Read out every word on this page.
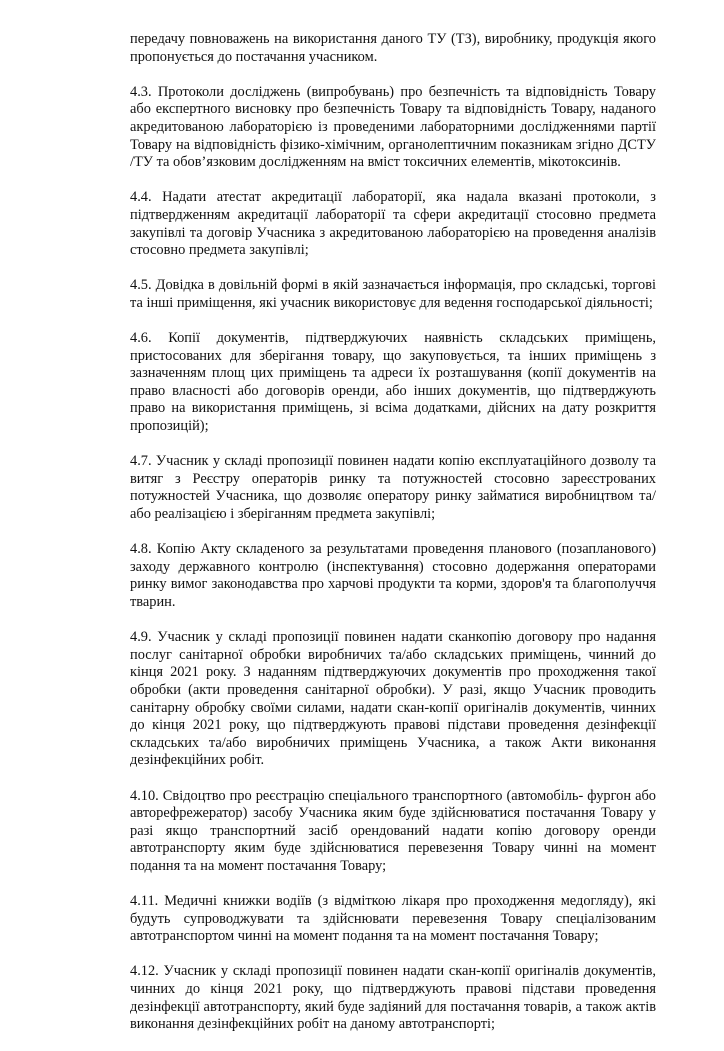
передачу повноважень на використання даного ТУ (ТЗ), виробнику, продукція якого пропонується до постачання учасником.

4.3. Протоколи досліджень (випробувань) про безпечність та відповідність Товару або експертного висновку про безпечність Товару та відповідність Товару, наданого акредитованою лабораторією із проведеними лабораторними дослідженнями партії Товару на відповідність фізико-хімічним, органолептичним показникам згідно ДСТУ /ТУ та обов’язковим дослідженням на вміст токсичних елементів, мікотоксинів.

4.4. Надати атестат акредитації лабораторії, яка надала вказані протоколи, з підтвердженням акредитації лабораторії та сфери акредитації стосовно предмета закупівлі та договір Учасника з акредитованою лабораторією на проведення аналізів стосовно предмета закупівлі;

4.5. Довідка в довільній формі в якій зазначається інформація, про складські, торгові та інші приміщення, які учасник використовує для ведення господарської діяльності;

4.6. Копії документів, підтверджуючих наявність складських приміщень, пристосованих для зберігання товару, що закуповується, та інших приміщень з зазначенням площ цих приміщень та адреси їх розташування (копії документів на право власності або договорів оренди, або інших документів, що підтверджують право на використання приміщень, зі всіма додатками, дійсних на дату розкриття пропозицій);

4.7. Учасник у складі пропозиції повинен надати копію експлуатаційного дозволу та витяг з Реєстру операторів ринку та потужностей стосовно зареєстрованих потужностей Учасника, що дозволяє оператору ринку займатися виробництвом та/або реалізацією і зберіганням предмета закупівлі;

4.8. Копію Акту складеного за результатами проведення планового (позапланового) заходу державного контролю (інспектування) стосовно додержання операторами ринку вимог законодавства про харчові продукти та корми, здоров'я та благополуччя тварин.

4.9. Учасник у складі пропозиції повинен надати сканкопію договору про надання послуг санітарної обробки виробничих та/або складських приміщень, чинний до кінця 2021 року. З наданням підтверджуючих документів про проходження такої обробки (акти проведення санітарної обробки). У разі, якщо Учасник проводить санітарну обробку своїми силами, надати скан-копії оригіналів документів, чинних до кінця 2021 року, що підтверджують правові підстави проведення дезінфекції складських та/або виробничих приміщень Учасника, а також Акти виконання дезінфекційних робіт.

4.10. Свідоцтво про реєстрацію спеціального транспортного (автомобіль- фургон або авторефрежератор) засобу Учасника яким буде здійснюватися постачання Товару у разі якщо транспортний засіб орендований надати копію договору оренди автотранспорту яким буде здійснюватися перевезення Товару чинні на момент подання та на момент постачання Товару;

4.11. Медичні книжки водіїв (з відміткою лікаря про проходження медогляду), які будуть супроводжувати та здійснювати перевезення Товару спеціалізованим автотранспортом чинні на момент подання та на момент постачання Товару;

4.12. Учасник у складі пропозиції повинен надати скан-копії оригіналів документів, чинних до кінця 2021 року, що підтверджують правові підстави проведення дезінфекції автотранспорту, який буде задіяний для постачання товарів, а також актів виконання дезінфекційних робіт на даному автотранспорті;
